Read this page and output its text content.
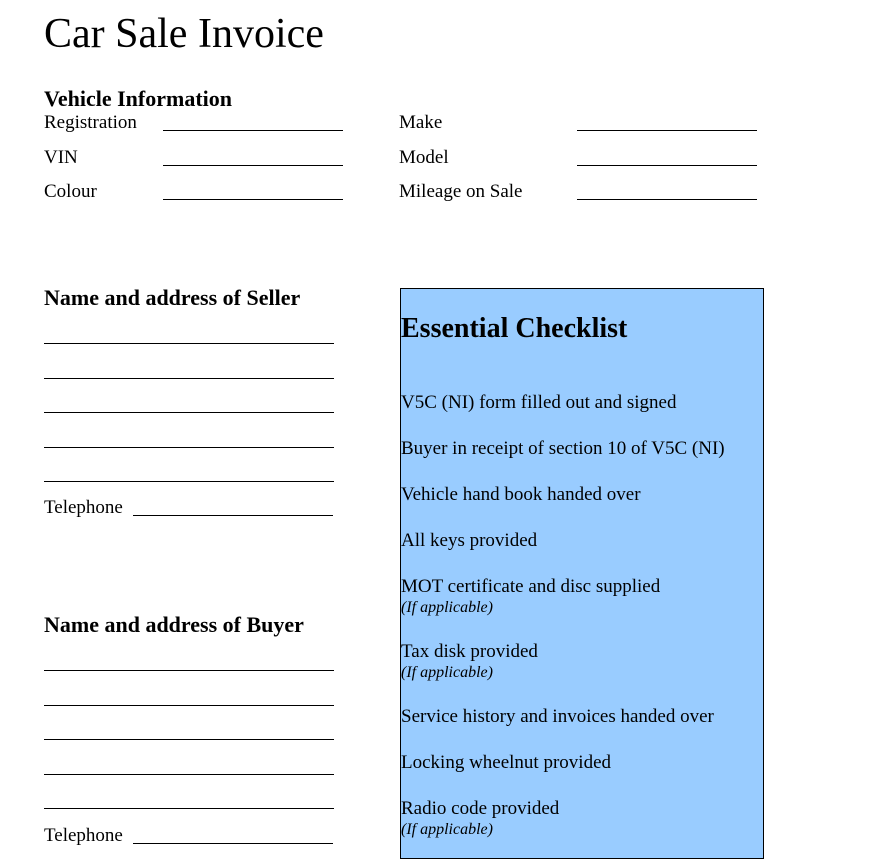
Car Sale Invoice
Vehicle Information
Registration	Make
VIN	Model
Colour	Mileage on Sale
Name and address of Seller
Telephone
Name and address of Buyer
Telephone
Essential Checklist
V5C (NI) form filled out and signed
Buyer in receipt of section 10 of V5C (NI)
Vehicle hand book handed over
All keys provided
MOT certificate and disc supplied
(If applicable)
Tax disk provided
(If applicable)
Service history and invoices handed over
Locking wheelnut provided
Radio code provided
(If applicable)
